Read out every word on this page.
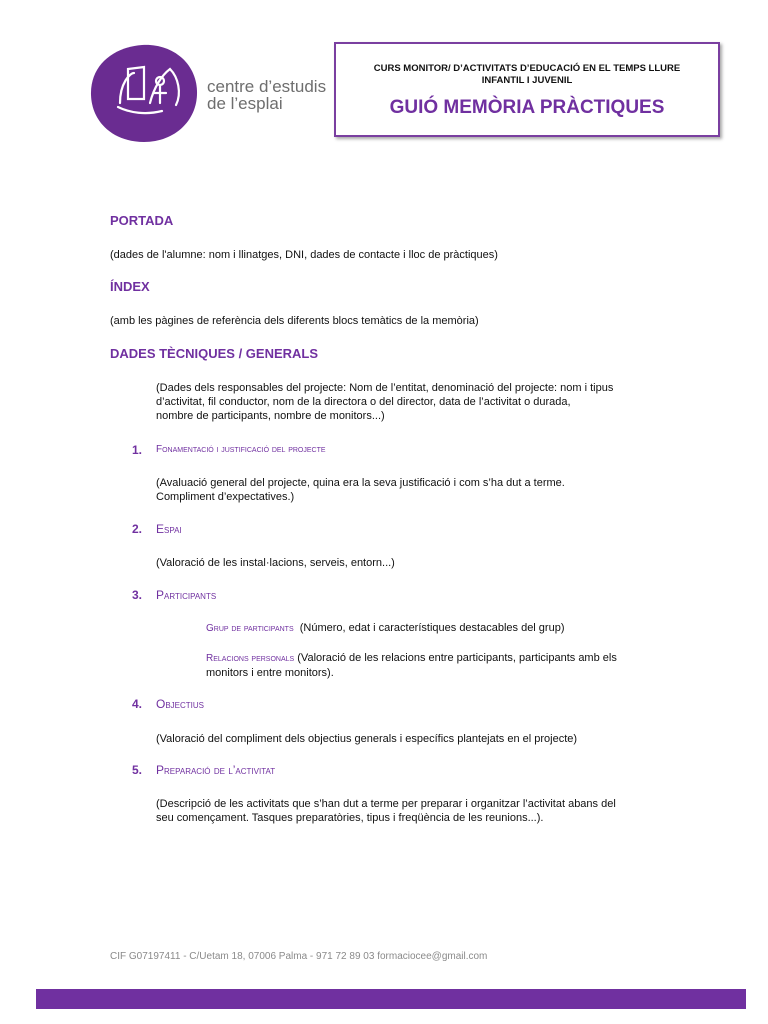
centre d’estudis
de l’esplai
CURS MONITOR/ D’ACTIVITATS D’EDUCACIÓ EN EL TEMPS LLURE
INFANTIL I JUVENIL
GUIÓ MEMÒRIA PRÀCTIQUES
PORTADA
(dades de l'alumne: nom i llinatges, DNI, dades de contacte i lloc de pràctiques)
ÍNDEX
(amb les pàgines de referència dels diferents blocs temàtics de la memòria)
DADES TÈCNIQUES / GENERALS
(Dades dels responsables del projecte: Nom de l’entitat, denominació del projecte: nom i tipus
d’activitat, fil conductor, nom de la directora o del director, data de l’activitat o durada,
nombre de participants, nombre de monitors...)
1. Fonamentació i justificació del projecte
(Avaluació general del projecte, quina era la seva justificació i com s’ha dut a terme.
Compliment d’expectatives.)
2. Espai
(Valoració de les instal·lacions, serveis, entorn...)
3. Participants
Grup de participants (Número, edat i característiques destacables del grup)
Relacions personals (Valoració de les relacions entre participants, participants amb els
monitors i entre monitors).
4. Objectius
(Valoració del compliment dels objectius generals i específics plantejats en el projecte)
5. Preparació de l’activitat
(Descripció de les activitats que s’han dut a terme per preparar i organitzar l’activitat abans del
seu començament. Tasques preparatòries, tipus i freqüència de les reunions...).
CIF G07197411 - C/Uetam 18, 07006 Palma - 971 72 89 03 formaciocee@gmail.com
